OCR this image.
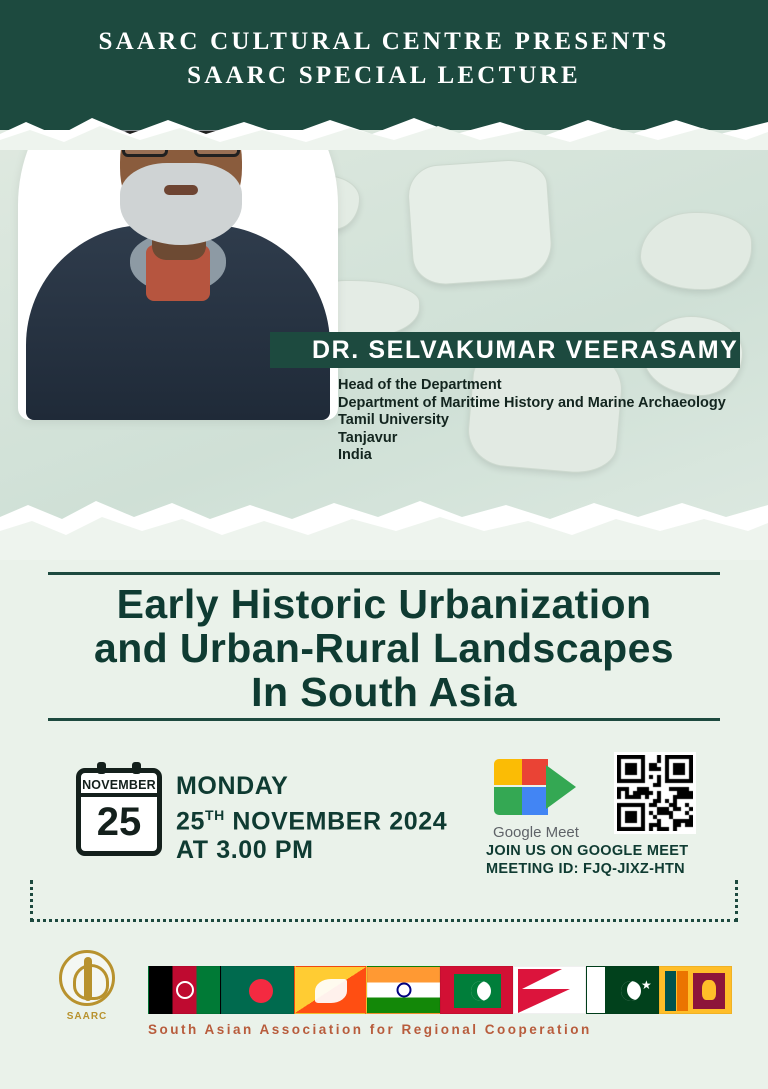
SAARC CULTURAL CENTRE PRESENTS
SAARC SPECIAL LECTURE
DR. SELVAKUMAR VEERASAMY
Head of the Department
Department of Maritime History and Marine Archaeology
Tamil University
Tanjavur
India
Early Historic Urbanization
and Urban-Rural Landscapes
In South Asia
NOVEMBER
25
MONDAY
25TH NOVEMBER 2024
AT 3.00 PM
Google Meet
JOIN US ON GOOGLE MEET
MEETING ID: FJQ-JIXZ-HTN
SAARC
★
South Asian Association for Regional Cooperation
